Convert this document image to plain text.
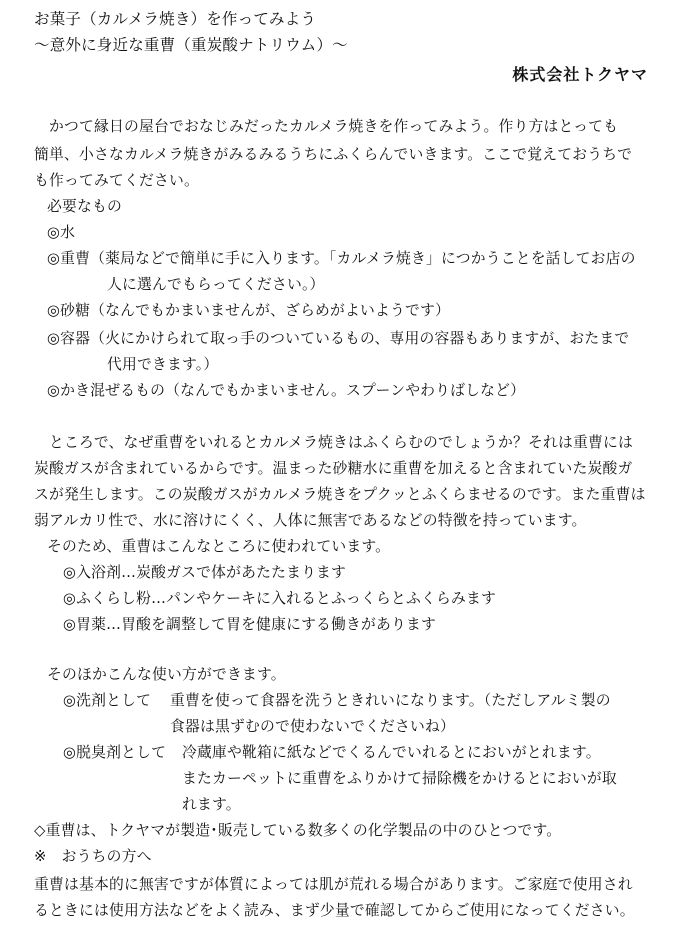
お菓子（カルメラ焼き）を作ってみよう
～意外に身近な重曹（重炭酸ナトリウム）～
株式会社トクヤマ
　かつて縁日の屋台でおなじみだったカルメラ焼きを作ってみよう。作り方はとっても
簡単、小さなカルメラ焼きがみるみるうちにふくらんでいきます。ここで覚えておうちで
も作ってみてください。
必要なもの
◎水
◎重曹（薬局などで簡単に手に入ります。「カルメラ焼き」につかうことを話してお店の
人に選んでもらってください。）
◎砂糖（なんでもかまいませんが、ざらめがよいようです）
◎容器（火にかけられて取っ手のついているもの、専用の容器もありますが、おたまで
代用できます。）
◎かき混ぜるもの（なんでもかまいません。スプーンやわりばしなど）
　ところで、なぜ重曹をいれるとカルメラ焼きはふくらむのでしょうか？それは重曹には
炭酸ガスが含まれているからです。温まった砂糖水に重曹を加えると含まれていた炭酸ガ
スが発生します。この炭酸ガスがカルメラ焼きをプクッとふくらませるのです。また重曹は
弱アルカリ性で、水に溶けにくく、人体に無害であるなどの特徴を持っています。
そのため、重曹はこんなところに使われています。
◎入浴剤…炭酸ガスで体があたたまります
◎ふくらし粉…パンやケーキに入れるとふっくらとふくらみます
◎胃薬…胃酸を調整して胃を健康にする働きがあります
そのほかこんな使い方ができます。
◎洗剤として 重曹を使って食器を洗うときれいになります。（ただしアルミ製の
食器は黒ずむので使わないでくださいね）
◎脱臭剤として 冷蔵庫や靴箱に紙などでくるんでいれるとにおいがとれます。
またカーペットに重曹をふりかけて掃除機をかけるとにおいが取
れます。
◇重曹は、トクヤマが製造･販売している数多くの化学製品の中のひとつです。
※　おうちの方へ
重曹は基本的に無害ですが体質によっては肌が荒れる場合があります。ご家庭で使用され
るときには使用方法などをよく読み、まず少量で確認してからご使用になってください。
